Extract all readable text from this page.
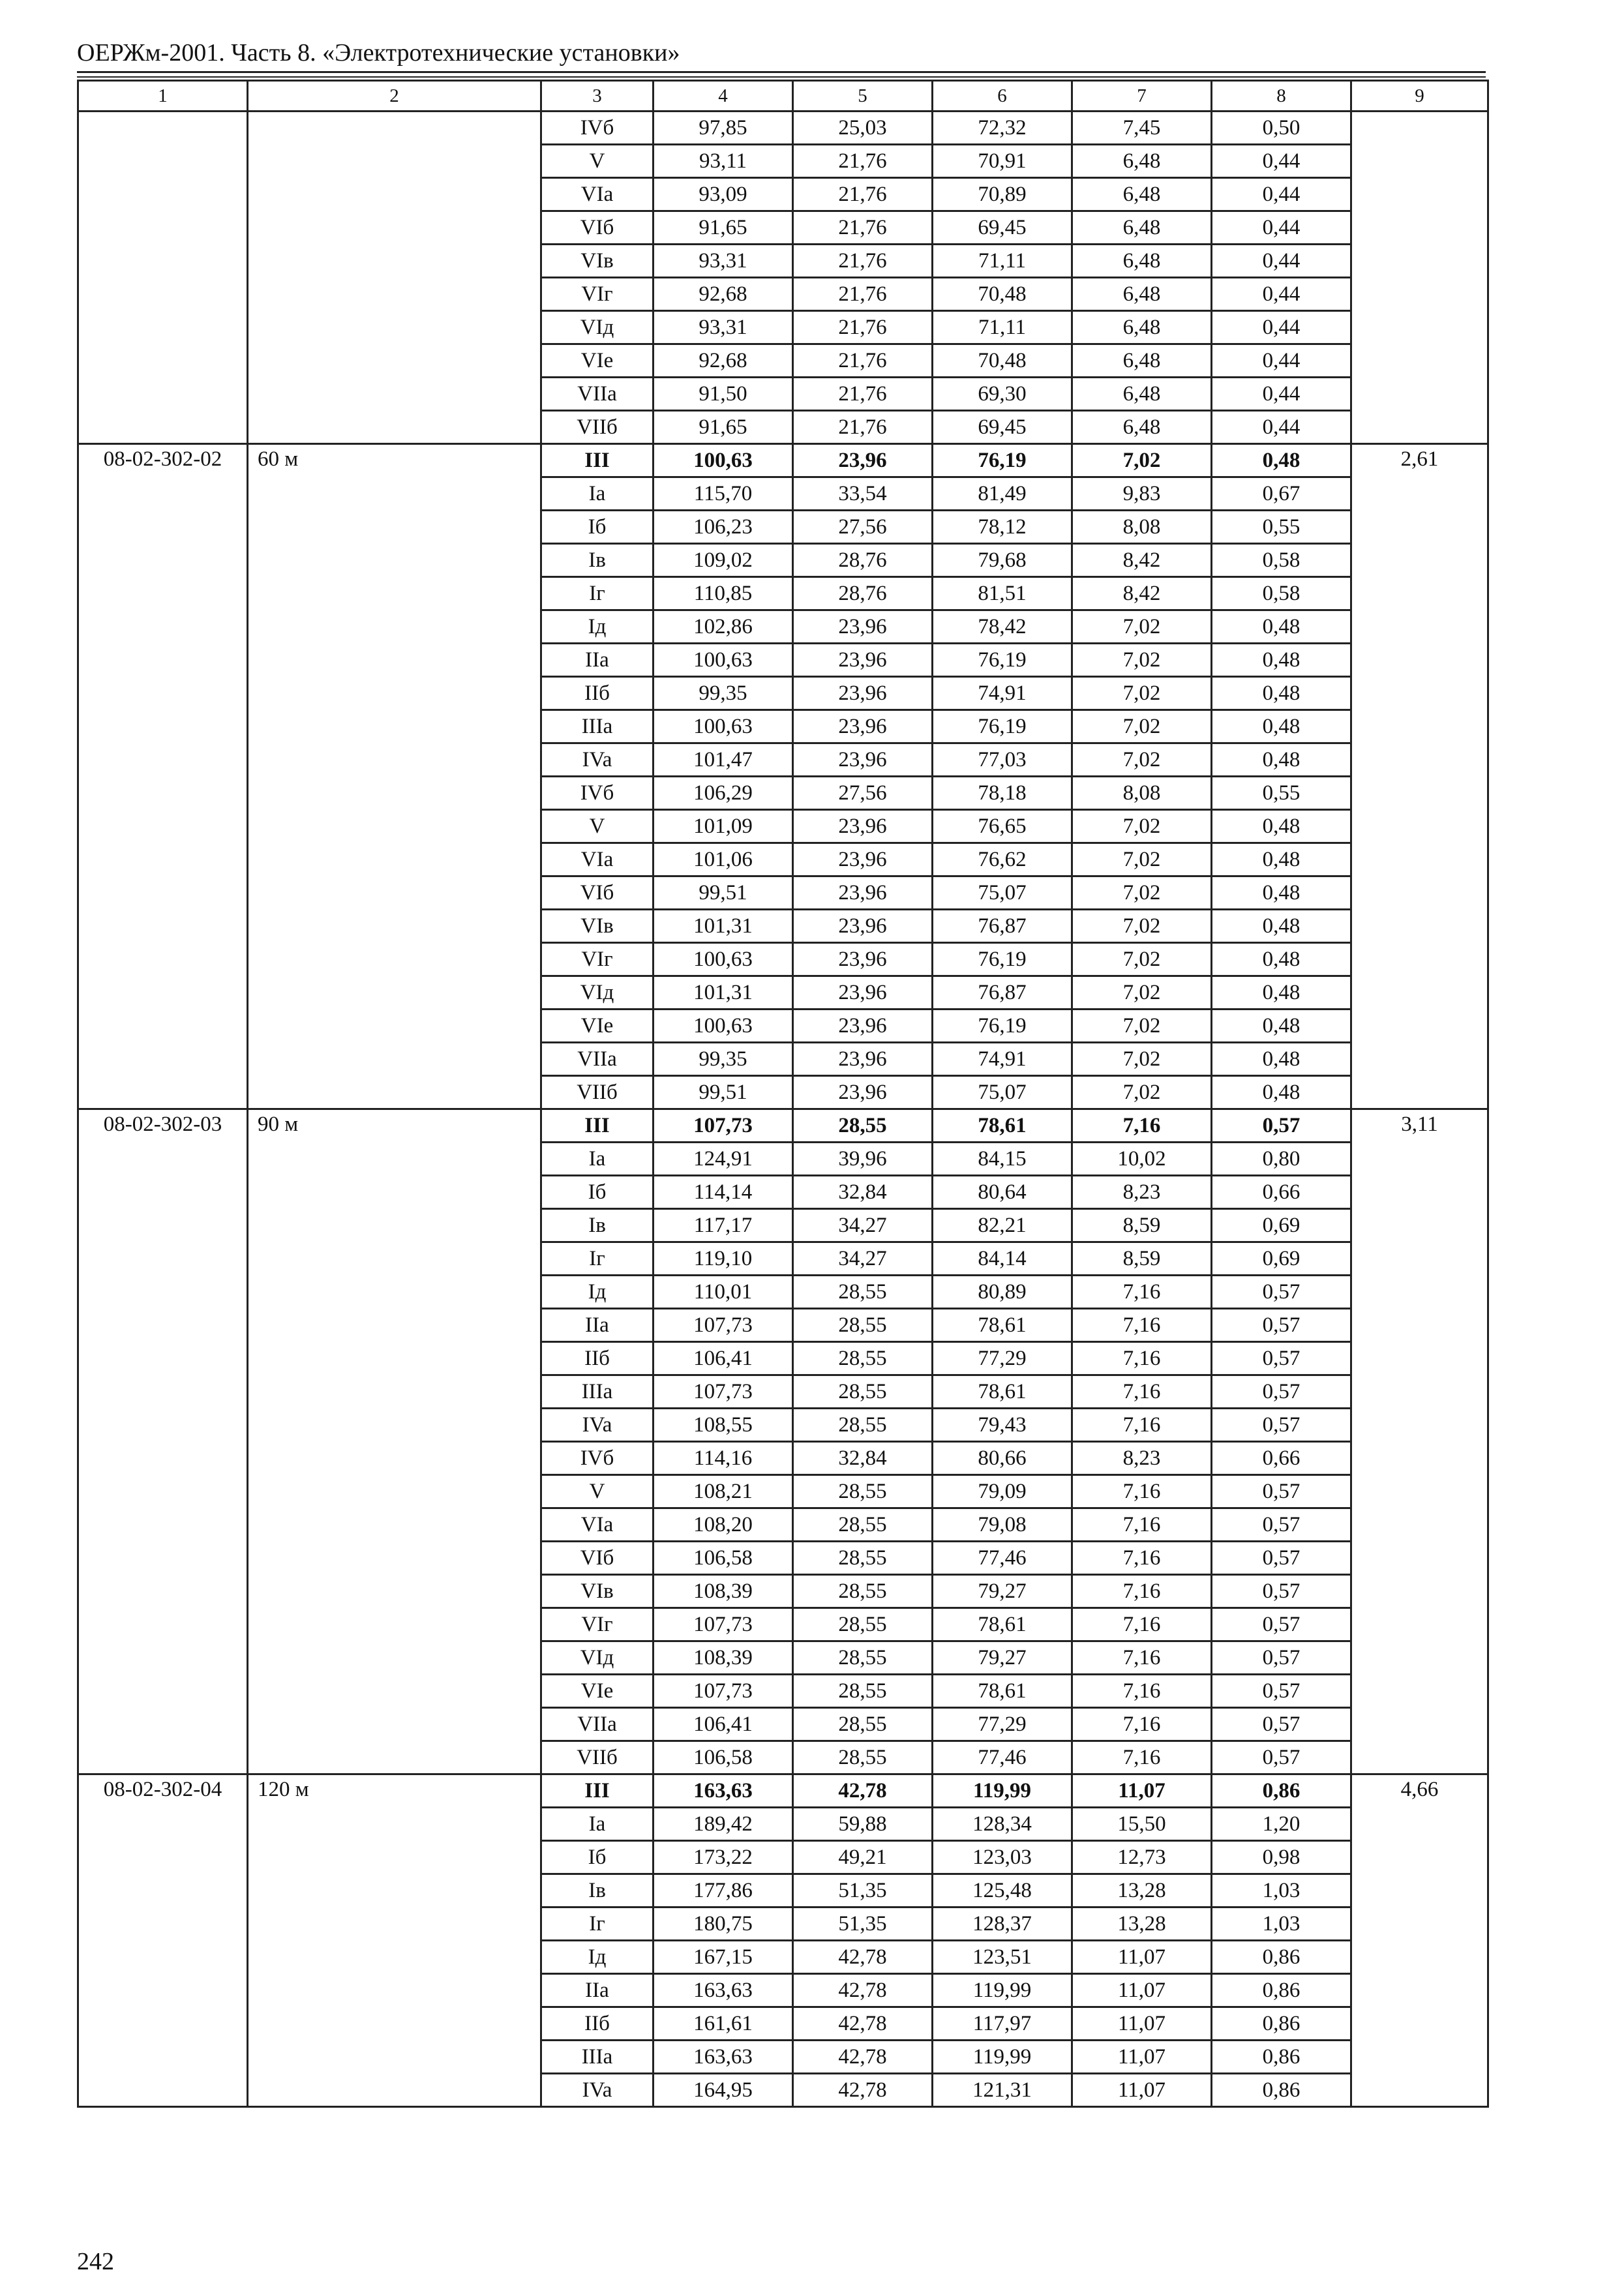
ОЕРЖм-2001. Часть 8. «Электротехнические установки»
1	2	3	4	5	6	7	8	9
		IVб	97,85	25,03	72,32	7,45	0,50	
		V	93,11	21,76	70,91	6,48	0,44	
		VIa	93,09	21,76	70,89	6,48	0,44	
		VIб	91,65	21,76	69,45	6,48	0,44	
		VIв	93,31	21,76	71,11	6,48	0,44	
		VIг	92,68	21,76	70,48	6,48	0,44	
		VIд	93,31	21,76	71,11	6,48	0,44	
		VIе	92,68	21,76	70,48	6,48	0,44	
		VIIa	91,50	21,76	69,30	6,48	0,44	
		VIIб	91,65	21,76	69,45	6,48	0,44	
08-02-302-02	60 м	III	100,63	23,96	76,19	7,02	0,48	2,61
		Ia	115,70	33,54	81,49	9,83	0,67	
		Iб	106,23	27,56	78,12	8,08	0,55	
		Iв	109,02	28,76	79,68	8,42	0,58	
		Iг	110,85	28,76	81,51	8,42	0,58	
		Iд	102,86	23,96	78,42	7,02	0,48	
		IIa	100,63	23,96	76,19	7,02	0,48	
		IIб	99,35	23,96	74,91	7,02	0,48	
		IIIa	100,63	23,96	76,19	7,02	0,48	
		IVa	101,47	23,96	77,03	7,02	0,48	
		IVб	106,29	27,56	78,18	8,08	0,55	
		V	101,09	23,96	76,65	7,02	0,48	
		VIa	101,06	23,96	76,62	7,02	0,48	
		VIб	99,51	23,96	75,07	7,02	0,48	
		VIв	101,31	23,96	76,87	7,02	0,48	
		VIг	100,63	23,96	76,19	7,02	0,48	
		VIд	101,31	23,96	76,87	7,02	0,48	
		VIе	100,63	23,96	76,19	7,02	0,48	
		VIIa	99,35	23,96	74,91	7,02	0,48	
		VIIб	99,51	23,96	75,07	7,02	0,48	
08-02-302-03	90 м	III	107,73	28,55	78,61	7,16	0,57	3,11
		Ia	124,91	39,96	84,15	10,02	0,80	
		Iб	114,14	32,84	80,64	8,23	0,66	
		Iв	117,17	34,27	82,21	8,59	0,69	
		Iг	119,10	34,27	84,14	8,59	0,69	
		Iд	110,01	28,55	80,89	7,16	0,57	
		IIa	107,73	28,55	78,61	7,16	0,57	
		IIб	106,41	28,55	77,29	7,16	0,57	
		IIIa	107,73	28,55	78,61	7,16	0,57	
		IVa	108,55	28,55	79,43	7,16	0,57	
		IVб	114,16	32,84	80,66	8,23	0,66	
		V	108,21	28,55	79,09	7,16	0,57	
		VIa	108,20	28,55	79,08	7,16	0,57	
		VIб	106,58	28,55	77,46	7,16	0,57	
		VIв	108,39	28,55	79,27	7,16	0,57	
		VIг	107,73	28,55	78,61	7,16	0,57	
		VIд	108,39	28,55	79,27	7,16	0,57	
		VIе	107,73	28,55	78,61	7,16	0,57	
		VIIa	106,41	28,55	77,29	7,16	0,57	
		VIIб	106,58	28,55	77,46	7,16	0,57	
08-02-302-04	120 м	III	163,63	42,78	119,99	11,07	0,86	4,66
		Ia	189,42	59,88	128,34	15,50	1,20	
		Iб	173,22	49,21	123,03	12,73	0,98	
		Iв	177,86	51,35	125,48	13,28	1,03	
		Iг	180,75	51,35	128,37	13,28	1,03	
		Iд	167,15	42,78	123,51	11,07	0,86	
		IIa	163,63	42,78	119,99	11,07	0,86	
		IIб	161,61	42,78	117,97	11,07	0,86	
		IIIa	163,63	42,78	119,99	11,07	0,86	
		IVa	164,95	42,78	121,31	11,07	0,86	
242
